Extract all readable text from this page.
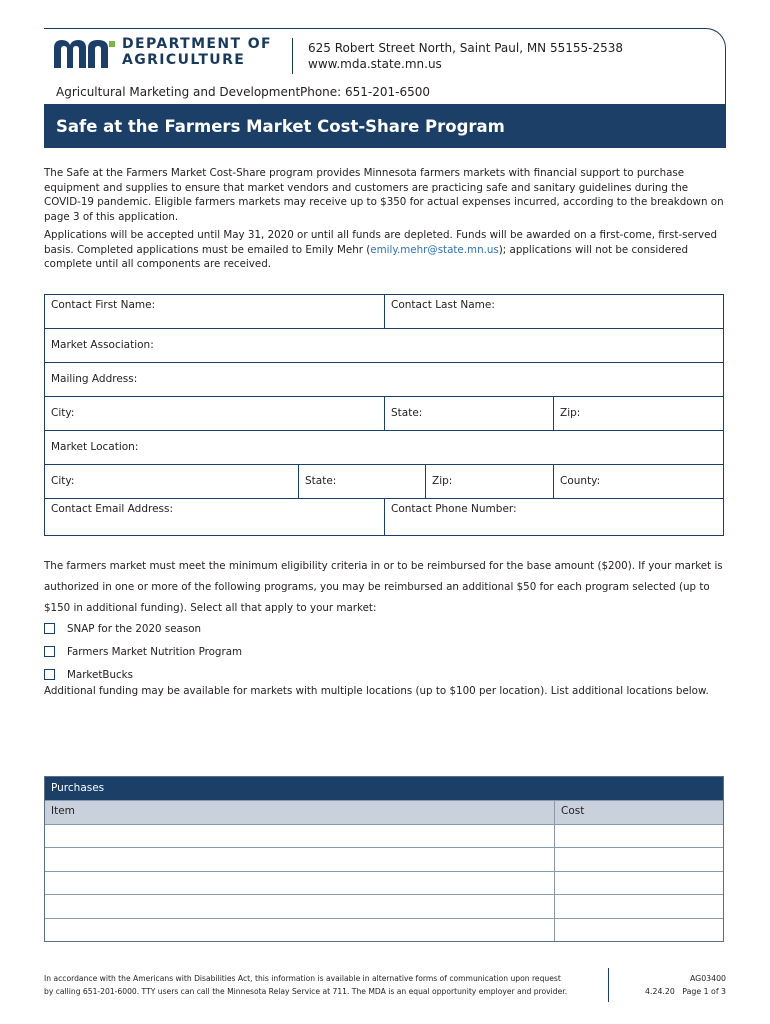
DEPARTMENT OF
AGRICULTURE
625 Robert Street North, Saint Paul, MN 55155-2538
www.mda.state.mn.us
Agricultural Marketing and Development Phone: 651-201-6500
Safe at the Farmers Market Cost-Share Program

The Safe at the Farmers Market Cost-Share program provides Minnesota farmers markets with financial support to purchase equipment and supplies to ensure that market vendors and customers are practicing safe and sanitary guidelines during the COVID-19 pandemic. Eligible farmers markets may receive up to $350 for actual expenses incurred, according to the breakdown on page 3 of this application.

Applications will be accepted until May 31, 2020 or until all funds are depleted. Funds will be awarded on a first-come, first-served basis. Completed applications must be emailed to Emily Mehr (emily.mehr@state.mn.us); applications will not be considered complete until all components are received.

Contact First Name:	Contact Last Name:
Market Association:
Mailing Address:
City:	State:	Zip:
Market Location:
City:	State:	Zip:	County:
Contact Email Address:	Contact Phone Number:
The farmers market must meet the minimum eligibility criteria in or to be reimbursed for the base amount ($200). If your market is authorized in one or more of the following programs, you may be reimbursed an additional $50 for each program selected (up to $150 in additional funding). Select all that apply to your market:
SNAP for the 2020 season
Farmers Market Nutrition Program
MarketBucks
Additional funding may be available for markets with multiple locations (up to $100 per location). List additional locations below.
Purchases
Item	Cost
In accordance with the Americans with Disabilities Act, this information is available in alternative forms of communication upon request
by calling 651-201-6000. TTY users can call the Minnesota Relay Service at 711. The MDA is an equal opportunity employer and provider.
AG03400
4.24.20 Page 1 of 3
